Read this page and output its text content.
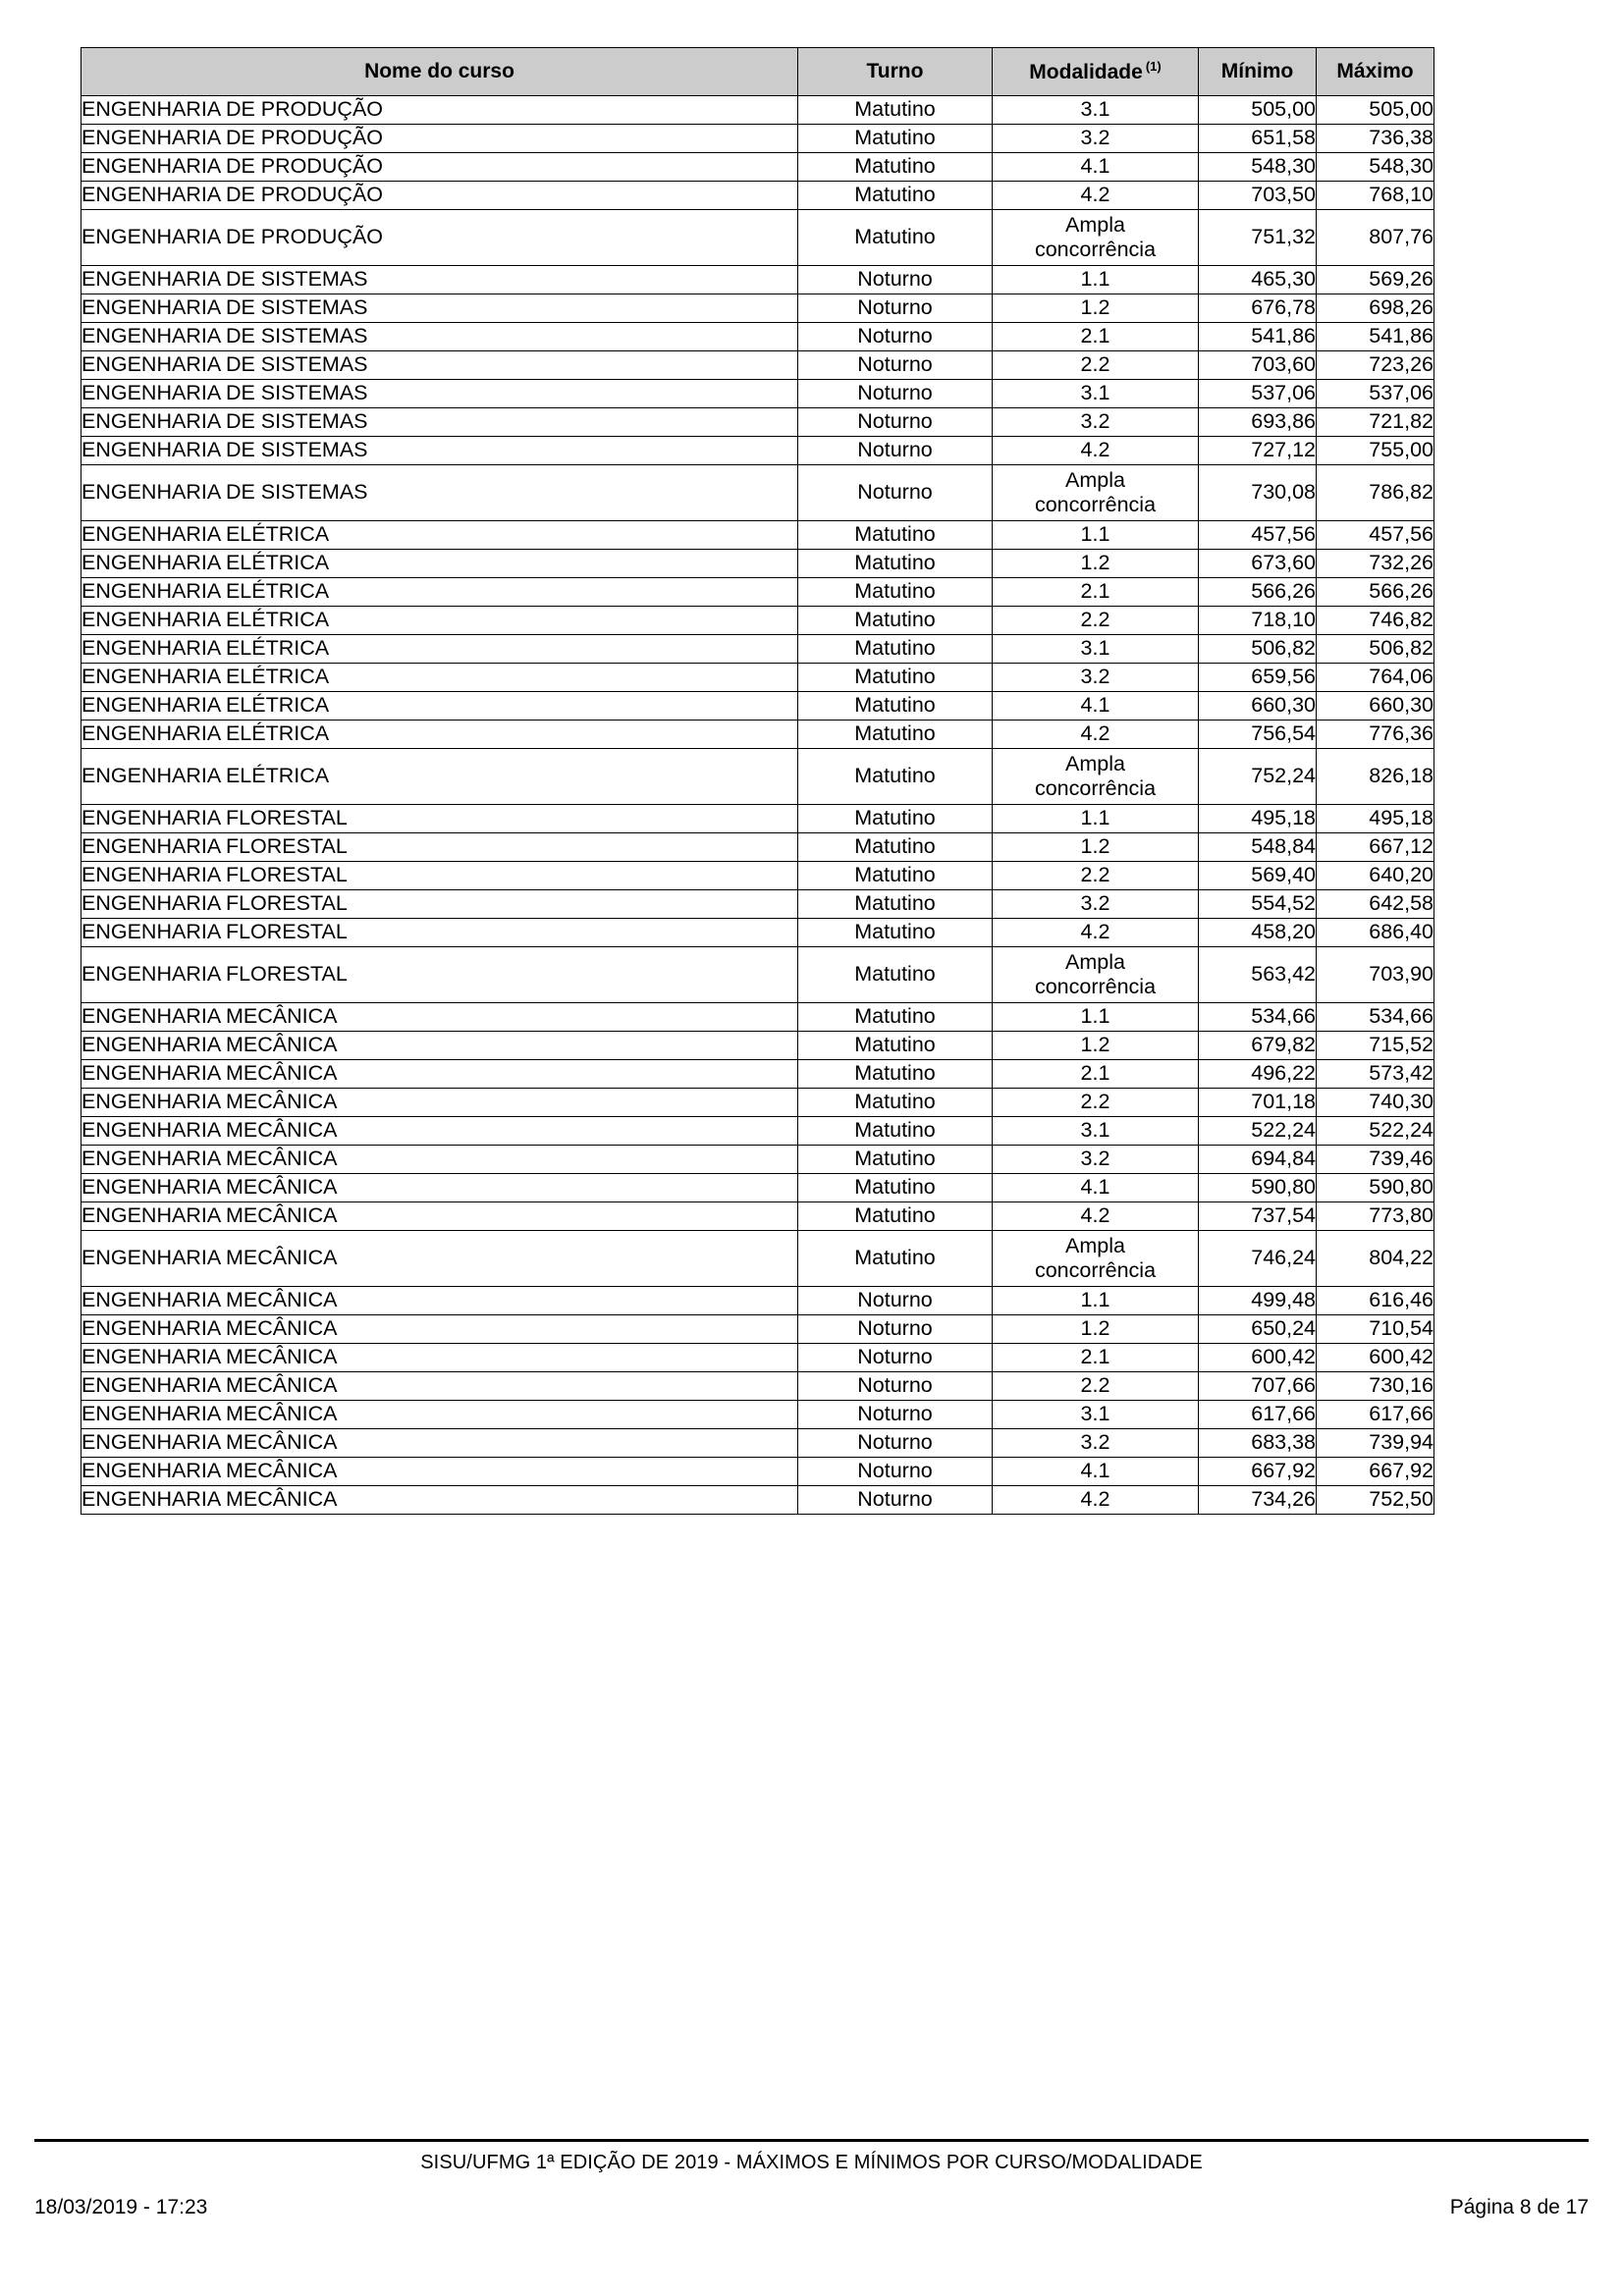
Nome do curso	Turno	Modalidade $^{(1)}$	Mínimo	Máximo
ENGENHARIA DE PRODUÇÃO	Matutino	3.1	505,00	505,00
ENGENHARIA DE PRODUÇÃO	Matutino	3.2	651,58	736,38
ENGENHARIA DE PRODUÇÃO	Matutino	4.1	548,30	548,30
ENGENHARIA DE PRODUÇÃO	Matutino	4.2	703,50	768,10
ENGENHARIA DE PRODUÇÃO	Matutino	Ampla
concorrência	751,32	807,76
ENGENHARIA DE SISTEMAS	Noturno	1.1	465,30	569,26
ENGENHARIA DE SISTEMAS	Noturno	1.2	676,78	698,26
ENGENHARIA DE SISTEMAS	Noturno	2.1	541,86	541,86
ENGENHARIA DE SISTEMAS	Noturno	2.2	703,60	723,26
ENGENHARIA DE SISTEMAS	Noturno	3.1	537,06	537,06
ENGENHARIA DE SISTEMAS	Noturno	3.2	693,86	721,82
ENGENHARIA DE SISTEMAS	Noturno	4.2	727,12	755,00
ENGENHARIA DE SISTEMAS	Noturno	Ampla
concorrência	730,08	786,82
ENGENHARIA ELÉTRICA	Matutino	1.1	457,56	457,56
ENGENHARIA ELÉTRICA	Matutino	1.2	673,60	732,26
ENGENHARIA ELÉTRICA	Matutino	2.1	566,26	566,26
ENGENHARIA ELÉTRICA	Matutino	2.2	718,10	746,82
ENGENHARIA ELÉTRICA	Matutino	3.1	506,82	506,82
ENGENHARIA ELÉTRICA	Matutino	3.2	659,56	764,06
ENGENHARIA ELÉTRICA	Matutino	4.1	660,30	660,30
ENGENHARIA ELÉTRICA	Matutino	4.2	756,54	776,36
ENGENHARIA ELÉTRICA	Matutino	Ampla
concorrência	752,24	826,18
ENGENHARIA FLORESTAL	Matutino	1.1	495,18	495,18
ENGENHARIA FLORESTAL	Matutino	1.2	548,84	667,12
ENGENHARIA FLORESTAL	Matutino	2.2	569,40	640,20
ENGENHARIA FLORESTAL	Matutino	3.2	554,52	642,58
ENGENHARIA FLORESTAL	Matutino	4.2	458,20	686,40
ENGENHARIA FLORESTAL	Matutino	Ampla
concorrência	563,42	703,90
ENGENHARIA MECÂNICA	Matutino	1.1	534,66	534,66
ENGENHARIA MECÂNICA	Matutino	1.2	679,82	715,52
ENGENHARIA MECÂNICA	Matutino	2.1	496,22	573,42
ENGENHARIA MECÂNICA	Matutino	2.2	701,18	740,30
ENGENHARIA MECÂNICA	Matutino	3.1	522,24	522,24
ENGENHARIA MECÂNICA	Matutino	3.2	694,84	739,46
ENGENHARIA MECÂNICA	Matutino	4.1	590,80	590,80
ENGENHARIA MECÂNICA	Matutino	4.2	737,54	773,80
ENGENHARIA MECÂNICA	Matutino	Ampla
concorrência	746,24	804,22
ENGENHARIA MECÂNICA	Noturno	1.1	499,48	616,46
ENGENHARIA MECÂNICA	Noturno	1.2	650,24	710,54
ENGENHARIA MECÂNICA	Noturno	2.1	600,42	600,42
ENGENHARIA MECÂNICA	Noturno	2.2	707,66	730,16
ENGENHARIA MECÂNICA	Noturno	3.1	617,66	617,66
ENGENHARIA MECÂNICA	Noturno	3.2	683,38	739,94
ENGENHARIA MECÂNICA	Noturno	4.1	667,92	667,92
ENGENHARIA MECÂNICA	Noturno	4.2	734,26	752,50
SISU/UFMG 1ª EDIÇÃO DE 2019 - MÁXIMOS E MÍNIMOS POR CURSO/MODALIDADE
18/03/2019 - 17:23	Página 8 de 17
